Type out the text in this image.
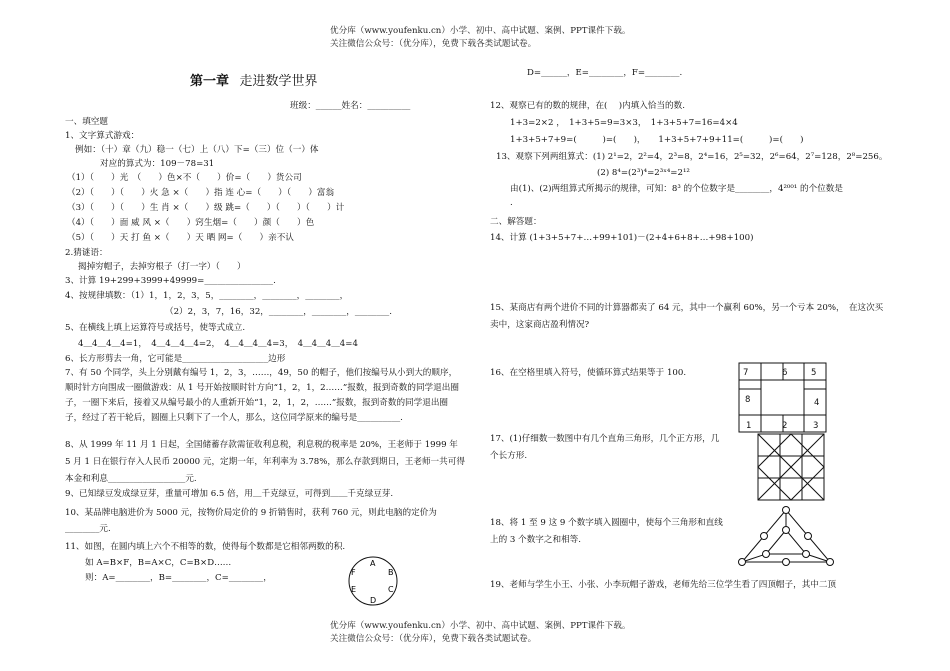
优分库（www.youfenku.cn）小学、初中、高中试题、案例、PPT课件下载。
关注微信公众号：（优分库），免费下载各类试题试卷。
第一章 走进数学世界
班级：______姓名：__________
一、填空题
1、文字算式游戏：
例如：（十）章（九）稳一（七）上（八）下=（三）位（一）体
对应的算式为：109－78=31
（1）（　　）光　（　　）色×不（　　）价=（　　）货公司
（2）（　　）（　　）火 急 ×（　　）指 连 心=（　　）（　　）富翁
（3）（　　）（　　）生 肖 ×（　　）级 跳=（　　）（　　）（　　）计
（4）（　　）面 威 风 ×（　　）窍生烟=（　　）颜（　　）色
（5）（　　）天 打 鱼 ×（　　）天 晒 网=（　　）亲不认
2.猜谜语：
揭掉穷帽子，去掉穷根子（打一字）（　　）
3、计算 19+299+3999+49999=________________.
4、按规律填数：（1）1，1，2，3，5，________，________，________，
（2）2，3，7，16，32，________，________，________.
5、在横线上填上运算符号或括号，使等式成立.
4＿4＿4＿4=1，　4＿4＿4＿4=2，　4＿4＿4＿4=3，　4＿4＿4＿4=4
6、长方形剪去一角，它可能是____________________边形
7、有 50 个同学，头上分别戴有编号 1，2，3，……，49，50 的帽子，他们按编号从小到大的顺序，顺时针方向围成一圈做游戏：从 1 号开始按顺时针方向“1，2，1，2……”报数，报到奇数的同学退出圈子，一圈下来后，接着又从编号最小的人重新开始“1，2，1，2，……”报数，报到奇数的同学退出圈子，经过了若干轮后，圆圈上只剩下了一个人，那么，这位同学原来的编号是__________.
8、从 1999 年 11 月 1 日起，全国储蓄存款需征收利息税，利息税的税率是 20%，王老师于 1999 年 5 月 1 日在银行存入人民币 20000 元，定期一年，年利率为 3.78%，那么存款到期日，王老师一共可得本金和利息__________________元.
9、已知绿豆发成绿豆芽，重量可增加 6.5 倍，用＿千克绿豆，可得到＿＿千克绿豆芽.
10、某品牌电脑进价为 5000 元，按物价局定价的 9 折销售时，获利 760 元，则此电脑的定价为________元.
11、如图，在圆内填上六个不相等的数，使得每个数都是它相邻两数的积.
如 A=B×F，B=A×C，C=B×D……
则：A=________，B=________，C=________，
A
B
C
D
E
F
D=______，E=________，F=________.
12、观察已有的数的规律，在(　 )内填入恰当的数.
1+3=2×2 ，　1+3+5=9=3×3，　1+3+5+7=16=4×4
1+3+5+7+9=(　　　)=(　　)，　　1+3+5+7+9+11=(　　　)=(　　)
13、观察下列两组算式：(1) 2¹=2，2²=4，2³=8，2⁴=16，2⁵=32，2⁶=64，2⁷=128，2⁸=256。
(2) 8⁴=(2³)⁴=2³ˣ⁴=2¹²
由(1)、(2)两组算式所揭示的规律，可知：8³ 的个位数字是________，4²⁰⁰¹ 的个位数是
.
二、解答题：
14、计算 (1+3+5+7+…+99+101)－(2+4+6+8+…+98+100)
15、某商店有两个进价不同的计算器都卖了 64 元，其中一个赢利 60%，另一个亏本 20%，　在这次买卖中，这家商店盈利情况?
16、在空格里填入符号，使循环算式结果等于 100.
17、(1)仔细数一数图中有几个直角三角形，几个正方形，几个长方形.
18、将 1 至 9 这 9 个数字填入圆圈中，使每个三角形和直线上的 3 个数字之和相等.
19、老师与学生小王、小张、小李玩帽子游戏，老师先给三位学生看了四顶帽子，其中二顶
7	6	5
8	4
1	2	3
优分库（www.youfenku.cn）小学、初中、高中试题、案例、PPT课件下载。
关注微信公众号：（优分库），免费下载各类试题试卷。
